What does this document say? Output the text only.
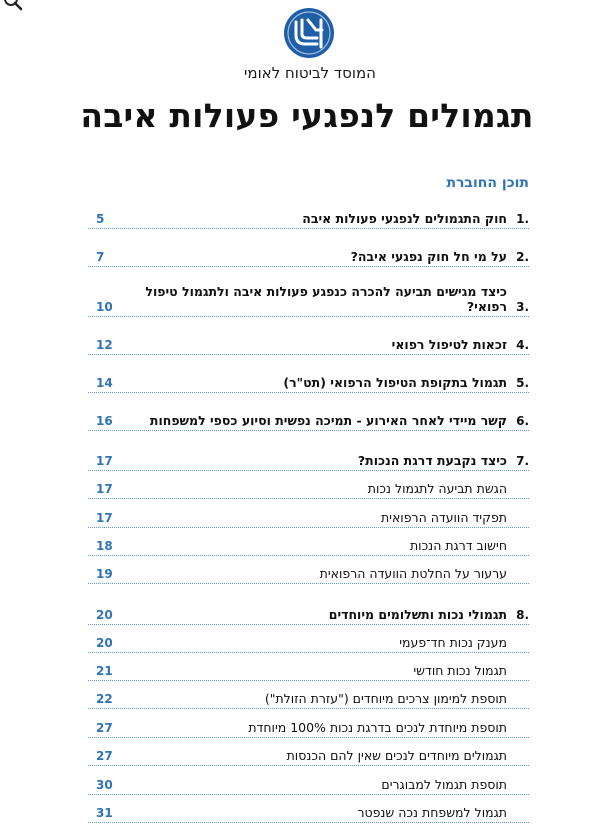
המוסד לביטוח לאומי
תגמולים לנפגעי פעולות איבה
תוכן החוברת
.1
חוק התגמולים לנפגעי פעולות איבה
5
.2
על מי חל חוק נפגעי איבה?
7
.3
כיצד מגישים תביעה להכרה כנפגע פעולות איבה ולתגמול טיפול רפואי?
10
.4
זכאות לטיפול רפואי
12
.5
תגמול בתקופת הטיפול הרפואי (תט"ר)
14
.6
קשר מיידי לאחר האירוע - תמיכה נפשית וסיוע כספי למשפחות
16
.7
כיצד נקבעת דרגת הנכות?
17
הגשת תביעה לתגמול נכות
17
תפקיד הוועדה הרפואית
17
חישוב דרגת הנכות
18
ערעור על החלטת הוועדה הרפואית
19
.8
תגמולי נכות ותשלומים מיוחדים
20
מענק נכות חד־פעמי
20
תגמול נכות חודשי
21
תוספת למימון צרכים מיוחדים ("עזרת הזולת")
22
תוספת מיוחדת לנכים בדרגת נכות 100% מיוחדת
27
תגמולים מיוחדים לנכים שאין להם הכנסות
27
תוספת תגמול למבוגרים
30
תגמול למשפחת נכה שנפטר
31
